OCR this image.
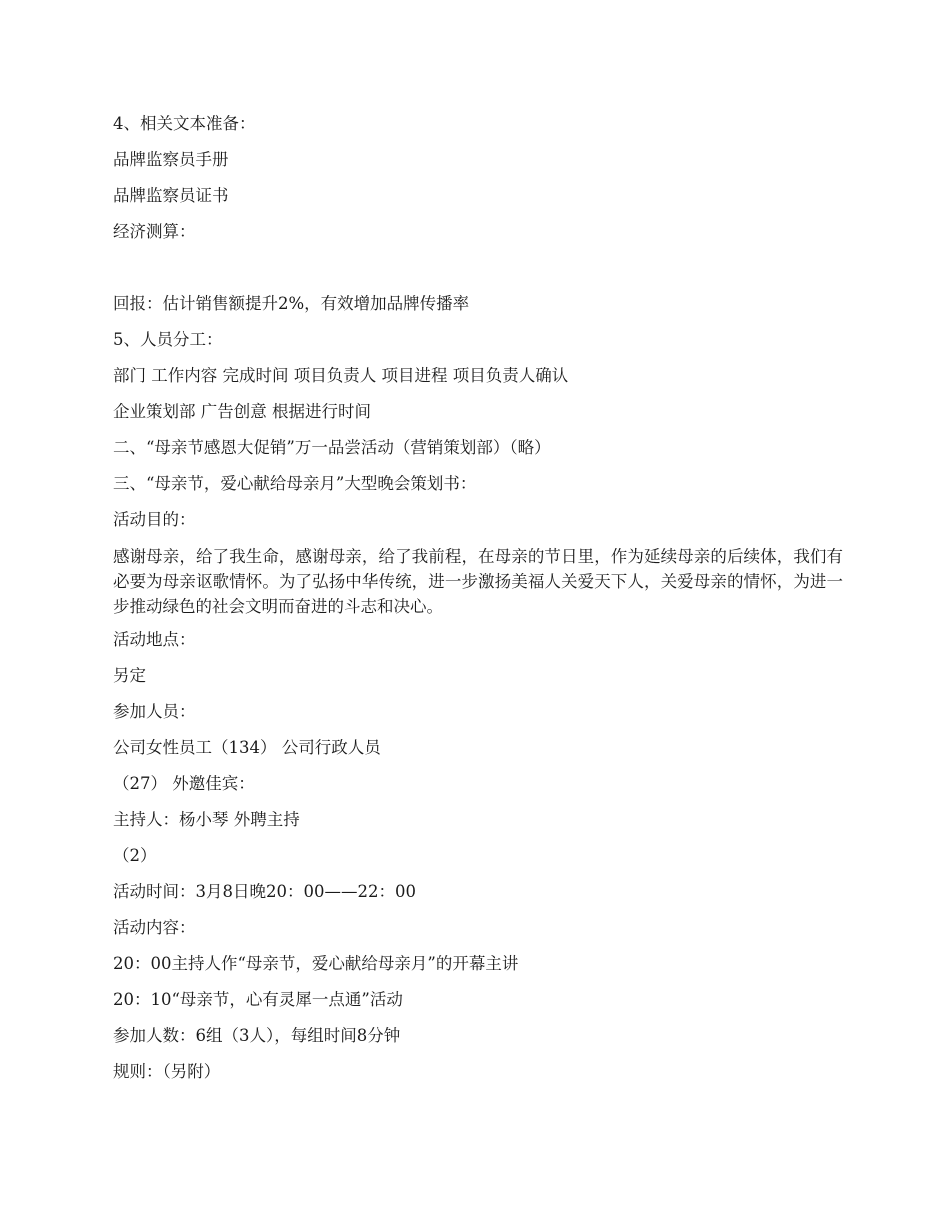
4、相关文本准备：
品牌监察员手册
品牌监察员证书
经济测算：
回报：估计销售额提升2%，有效增加品牌传播率
5、人员分工：
部门 工作内容 完成时间 项目负责人 项目进程 项目负责人确认
企业策划部 广告创意 根据进行时间
二、“母亲节感恩大促销”万一品尝活动（营销策划部）（略）
三、“母亲节，爱心献给母亲月”大型晚会策划书：
活动目的：
感谢母亲，给了我生命，感谢母亲，给了我前程，在母亲的节日里，作为延续母亲的后续体，我们有必要为母亲讴歌情怀。为了弘扬中华传统，进一步激扬美福人关爱天下人，关爱母亲的情怀，为进一步推动绿色的社会文明而奋进的斗志和决心。
活动地点：
另定
参加人员：
公司女性员工（134） 公司行政人员
（27） 外邀佳宾：
主持人：杨小琴 外聘主持
（2）
活动时间：3月8日晚20：00——22：00
活动内容：
20：00主持人作“母亲节，爱心献给母亲月”的开幕主讲
20：10“母亲节，心有灵犀一点通”活动
参加人数：6组（3人），每组时间8分钟
规则：（另附）
